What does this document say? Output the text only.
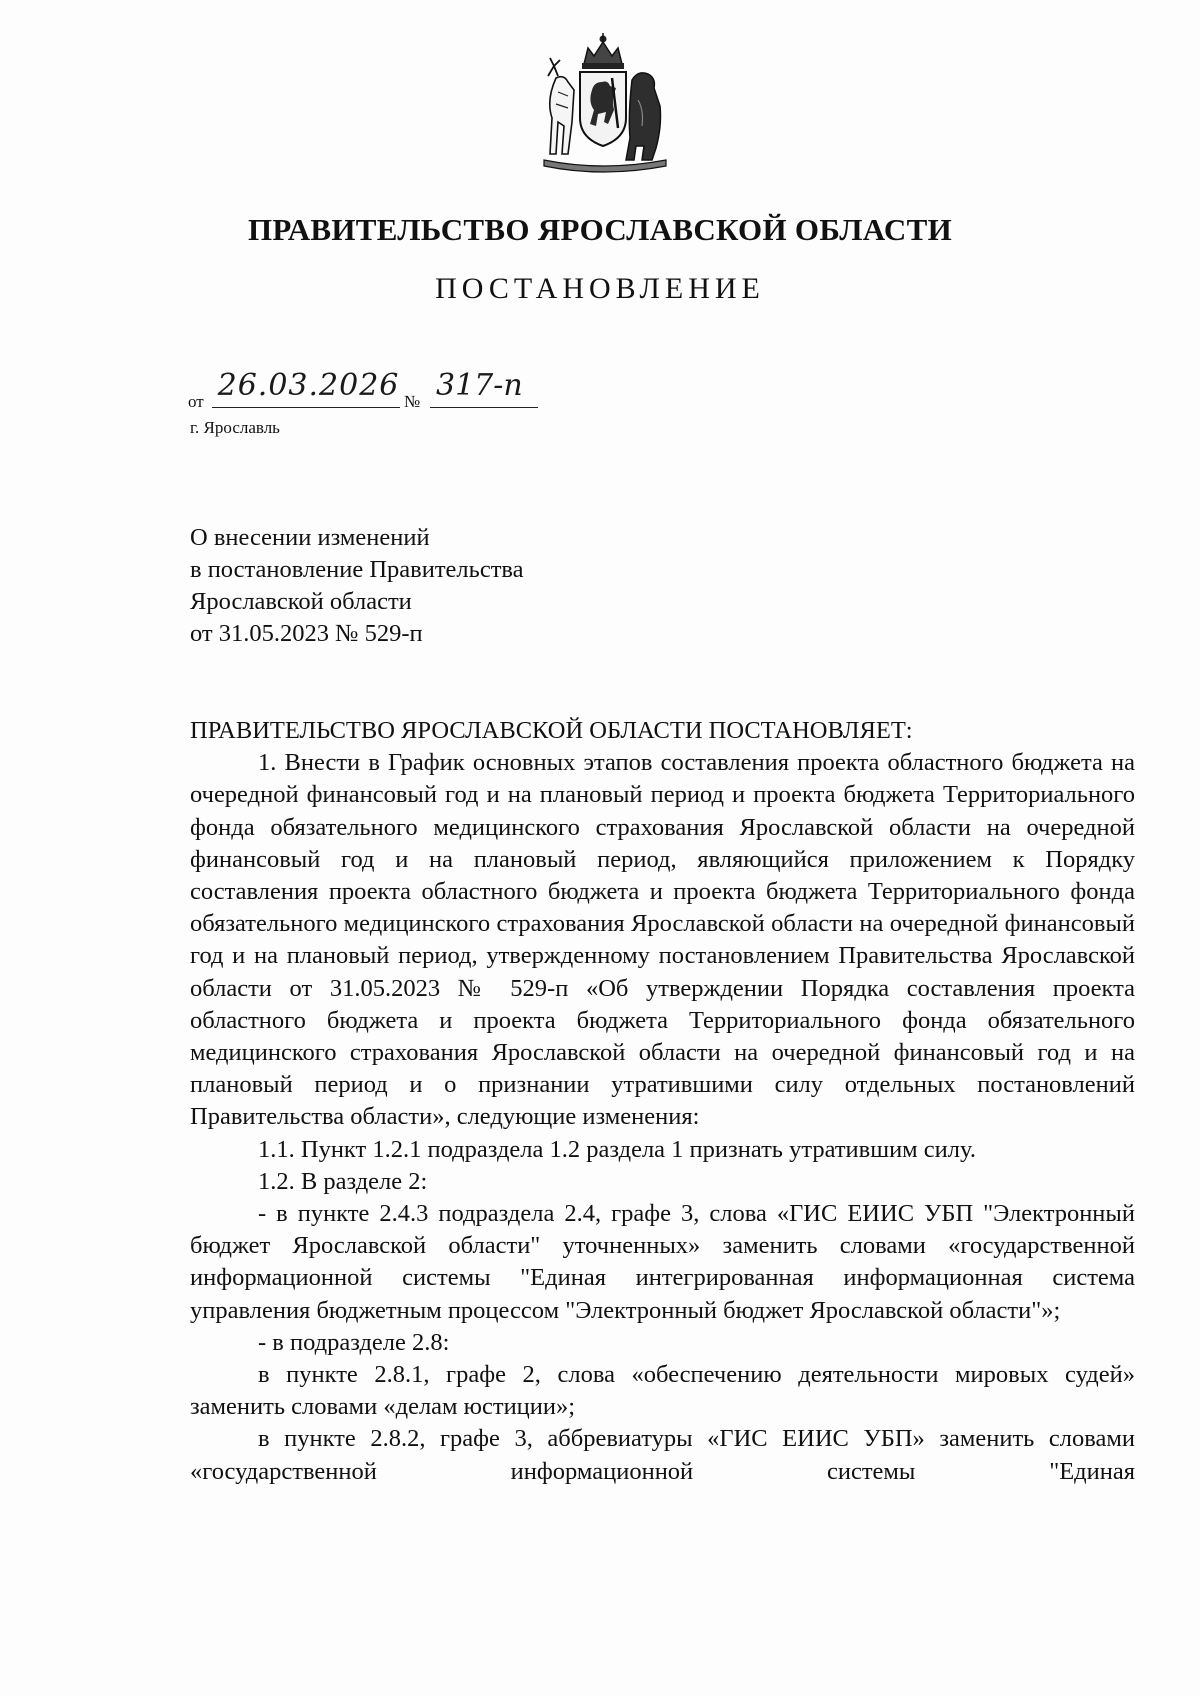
ПРАВИТЕЛЬСТВО ЯРОСЛАВСКОЙ ОБЛАСТИ
ПОСТАНОВЛЕНИЕ
от 26.03.2026 № 317-п
г. Ярославль
О внесении изменений
в постановление Правительства
Ярославской области
от 31.05.2023 № 529-п

ПРАВИТЕЛЬСТВО ЯРОСЛАВСКОЙ ОБЛАСТИ ПОСТАНОВЛЯЕТ:

1. Внести в График основных этапов составления проекта областного бюджета на очередной финансовый год и на плановый период и проекта бюджета Территориального фонда обязательного медицинского страхования Ярославской области на очередной финансовый год и на плановый период, являющийся приложением к Порядку составления проекта областного бюджета и проекта бюджета Территориального фонда обязательного медицинского страхования Ярославской области на очередной финансовый год и на плановый период, утвержденному постановлением Правительства Ярославской области от 31.05.2023 № 529-п «Об утверждении Порядка составления проекта областного бюджета и проекта бюджета Территориального фонда обязательного медицинского страхования Ярославской области на очередной финансовый год и на плановый период и о признании утратившими силу отдельных постановлений Правительства области», следующие изменения:

1.1. Пункт 1.2.1 подраздела 1.2 раздела 1 признать утратившим силу.

1.2. В разделе 2:

- в пункте 2.4.3 подраздела 2.4, графе 3, слова «ГИС ЕИИС УБП "Электронный бюджет Ярославской области" уточненных» заменить словами «государственной информационной системы "Единая интегрированная информационная система управления бюджетным процессом "Электронный бюджет Ярославской области"»;

- в подразделе 2.8:

в пункте 2.8.1, графе 2, слова «обеспечению деятельности мировых судей» заменить словами «делам юстиции»;

в пункте 2.8.2, графе 3, аббревиатуры «ГИС ЕИИС УБП» заменить словами «государственной информационной системы "Единая
